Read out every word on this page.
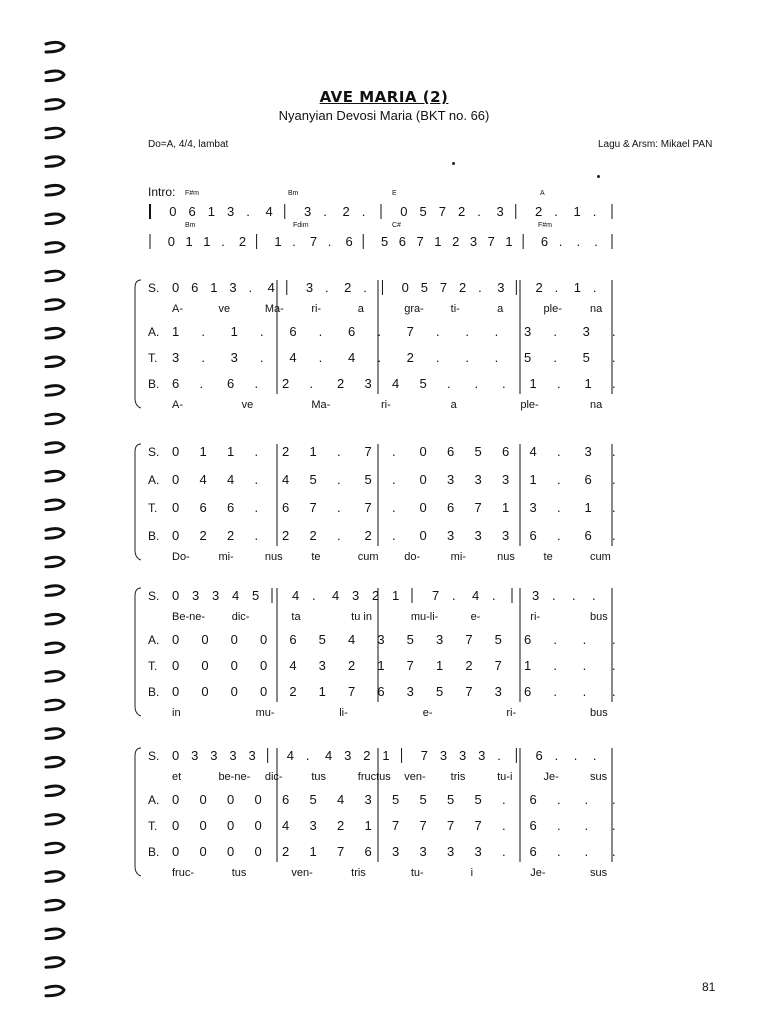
AVE MARIA (2)
Nyanyian Devosi Maria (BKT no. 66)
Do=A, 4/4, lambat	Lagu & Arsm: Mikael PAN
Intro: F#m	Bm	E	A
Bm	Fdim	C#	F#m
0 6 1 3 . 4 3 . 2 .	0 5 7 2 . 3 2 . 1 .
0 1 1 . 2 1 . 7 . 6 5 6 7 1 2 3 7 1 6 . . .
S. 0 6 1 3 . 4 3 . 2 .	0 5 7 2 . 3 2 . 1 .
A-	ve	Ma- ri-	a	gra- ti-	a	ple-	na
A. 1 . 1 . 6 . 6 . 7 . . . 3 . 3 .
T. 3 . 3 . 4 . 4 . 2 . . . 5 . 5 .
B. 6 . 6 . 2 . 2 3 4 5 . . . 1 . 1 .
A-	ve	Ma-	ri-	a	ple-	na
S. 0 1 1 . 2 1 . 7 . 0 6 5 6 4 . 3 .
A. 0 4 4 . 4 5 . 5 . 0 3 3 3 1 . 6 .
T. 0 6 6 . 6 7 . 7 . 0 6 7 1 3 . 1 .
B. 0 2 2 . 2 2 . 2 . 0 3 3 3 6 . 6 .
Do-	mi-	nus	te	cum do-	mi-	nus	te	cum
S. 0 3 3 4 5	4 . 4 3 2 1	7 . 4 .	3 . . .
Be-ne- dic-	ta	tu in	mu-li-	e-	ri-	bus
A. 0 0 0 0 6 5 4 3 5 3 7 5 6 . . .
T. 0 0 0 0 4 3 2 1 7 1 2 7 1 . . .
B. 0 0 0 0 2 1 7 6 3 5 7 3 6 . . .
in	mu-	li-	e-	ri-	bus
S. 0 3 3 3 3 4 . 4 3 2 1 7 3 3 3 .	6 . . .
et	be-ne- dic-	tus	fructus ven- tris	tu-i	Je-	sus
A. 0 0 0 0 6 5 4 3 5 5 5 5 . 6 . . .
T. 0 0 0 0 4 3 2 1 7 7 7 7 . 6 . . .
B. 0 0 0 0 2 1 7 6 3 3 3 3 . 6 . . .
fruc-	tus	ven-	tris	tu-	i	Je-	sus
81
